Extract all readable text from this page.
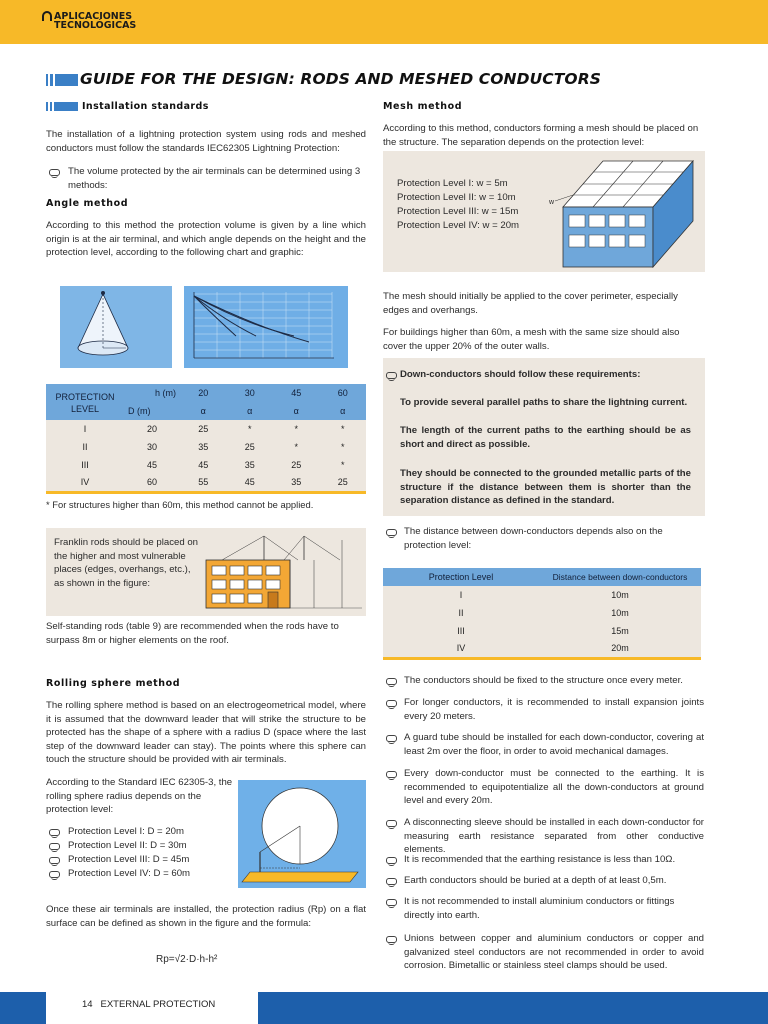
APLICACIONES
TECNOLÓGICAS
GUIDE FOR THE DESIGN: RODS AND MESHED CONDUCTORS
Installation standards
The installation of a lightning protection system using rods and meshed conductors must follow the standards IEC62305 Lightning Protection:
The volume protected by the air terminals can be determined using 3 methods:
Angle method
According to this method the protection volume is given by a line which origin is at the air terminal, and which angle depends on the height and the protection level, according to the following chart and graphic:
PROTECTION LEVEL	h (m)	20	30	45	60
	D (m)	α	α	α	α
I	20	25	*	*	*
II	30	35	25	*	*
III	45	45	35	25	*
IV	60	55	45	35	25
* For structures higher than 60m, this method cannot be applied.
Franklin rods should be placed on the higher and most vulnerable places (edges, overhangs, etc.), as shown in the figure:
Self-standing rods (table 9) are recommended when the rods have to surpass 8m or higher elements on the roof.
Rolling sphere method
The rolling sphere method is based on an electrogeometrical model, where it is assumed that the downward leader that will strike the structure to be protected has the shape of a sphere with a radius D (space where the last step of the downward leader can stay). The points where this sphere can touch the structure should be provided with air terminals.
According to the Standard IEC 62305-3, the rolling sphere radius depends on the protection level:
Protection Level I: D = 20m
Protection Level II: D = 30m
Protection Level III: D = 45m
Protection Level IV: D = 60m
Once these air terminals are installed, the protection radius (Rp) on a flat surface can be defined as shown in the figure and the formula:
Rp=√2·D·h-h²
Mesh method
According to this method, conductors forming a mesh should be placed on the structure. The separation depends on the protection level:
w
Protection Level I: w = 5m
Protection Level II: w = 10m
Protection Level III: w = 15m
Protection Level IV: w = 20m
The mesh should initially be applied to the cover perimeter, especially edges and overhangs.
For buildings higher than 60m, a mesh with the same size should also cover the upper 20% of the outer walls.
Down-conductors should follow these requirements:
To provide several parallel paths to share the lightning current.
The length of the current paths to the earthing should be as short and direct as possible.
They should be connected to the grounded metallic parts of the structure if the distance between them is shorter than the separation distance as defined in the standard.
The distance between down-conductors depends also on the protection level:
Protection Level	Distance between down-conductors
I	10m
II	10m
III	15m
IV	20m
The conductors should be fixed to the structure once every meter.
For longer conductors, it is recommended to install expansion joints every 20 meters.
A guard tube should be installed for each down-conductor, covering at least 2m over the floor, in order to avoid mechanical damages.
Every down-conductor must be connected to the earthing. It is recommended to equipotentialize all the down-conductors at ground level and every 20m.
A disconnecting sleeve should be installed in each down-conductor for measuring earth resistance separated from other conductive elements.
It is recommended that the earthing resistance is less than 10Ω.
Earth conductors should be buried at a depth of at least 0,5m.
It is not recommended to install aluminium conductors or fittings directly into earth.
Unions between copper and aluminium conductors or copper and galvanized steel conductors are not recommended in order to avoid corrosion. Bimetallic or stainless steel clamps should be used.
14 EXTERNAL PROTECTION
